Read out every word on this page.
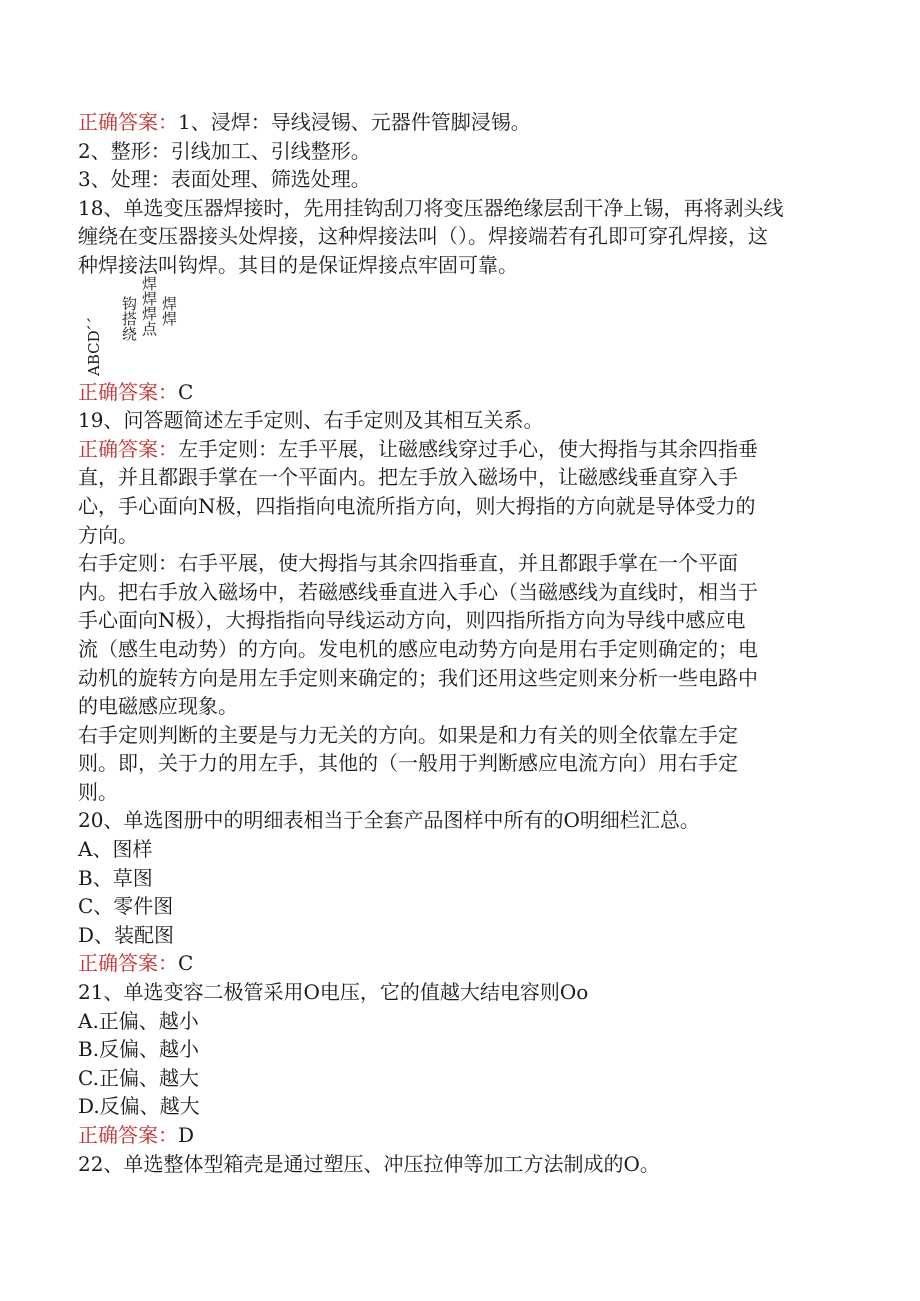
正确答案：1、浸焊：导线浸锡、元器件管脚浸锡。
2、整形：引线加工、引线整形。
3、处理：表面处理、筛选处理。
18、单选变压器焊接时，先用挂钩刮刀将变压器绝缘层刮干净上锡，再将剥头线
缠绕在变压器接头处焊接，这种焊接法叫（）。焊接端若有孔即可穿孔焊接，这
种焊接法叫钩焊。其目的是保证焊接点牢固可靠。
ABCD、、 钩搭绕 焊焊焊点 焊焊
正确答案：C
19、问答题简述左手定则、右手定则及其相互关系。
正确答案：左手定则：左手平展，让磁感线穿过手心，使大拇指与其余四指垂
直，并且都跟手掌在一个平面内。把左手放入磁场中，让磁感线垂直穿入手
心，手心面向N极，四指指向电流所指方向，则大拇指的方向就是导体受力的
方向。
右手定则：右手平展，使大拇指与其余四指垂直，并且都跟手掌在一个平面
内。把右手放入磁场中，若磁感线垂直进入手心（当磁感线为直线时，相当于
手心面向N极），大拇指指向导线运动方向，则四指所指方向为导线中感应电
流（感生电动势）的方向。发电机的感应电动势方向是用右手定则确定的；电
动机的旋转方向是用左手定则来确定的；我们还用这些定则来分析一些电路中
的电磁感应现象。
右手定则判断的主要是与力无关的方向。如果是和力有关的则全依靠左手定
则。即，关于力的用左手，其他的（一般用于判断感应电流方向）用右手定
则。
20、单选图册中的明细表相当于全套产品图样中所有的O明细栏汇总。
A、图样
B、草图
C、零件图
D、装配图
正确答案：C
21、单选变容二极管采用O电压，它的值越大结电容则Oo
A.正偏、越小
B.反偏、越小
C.正偏、越大
D.反偏、越大
正确答案：D
22、单选整体型箱壳是通过塑压、冲压拉伸等加工方法制成的O。
